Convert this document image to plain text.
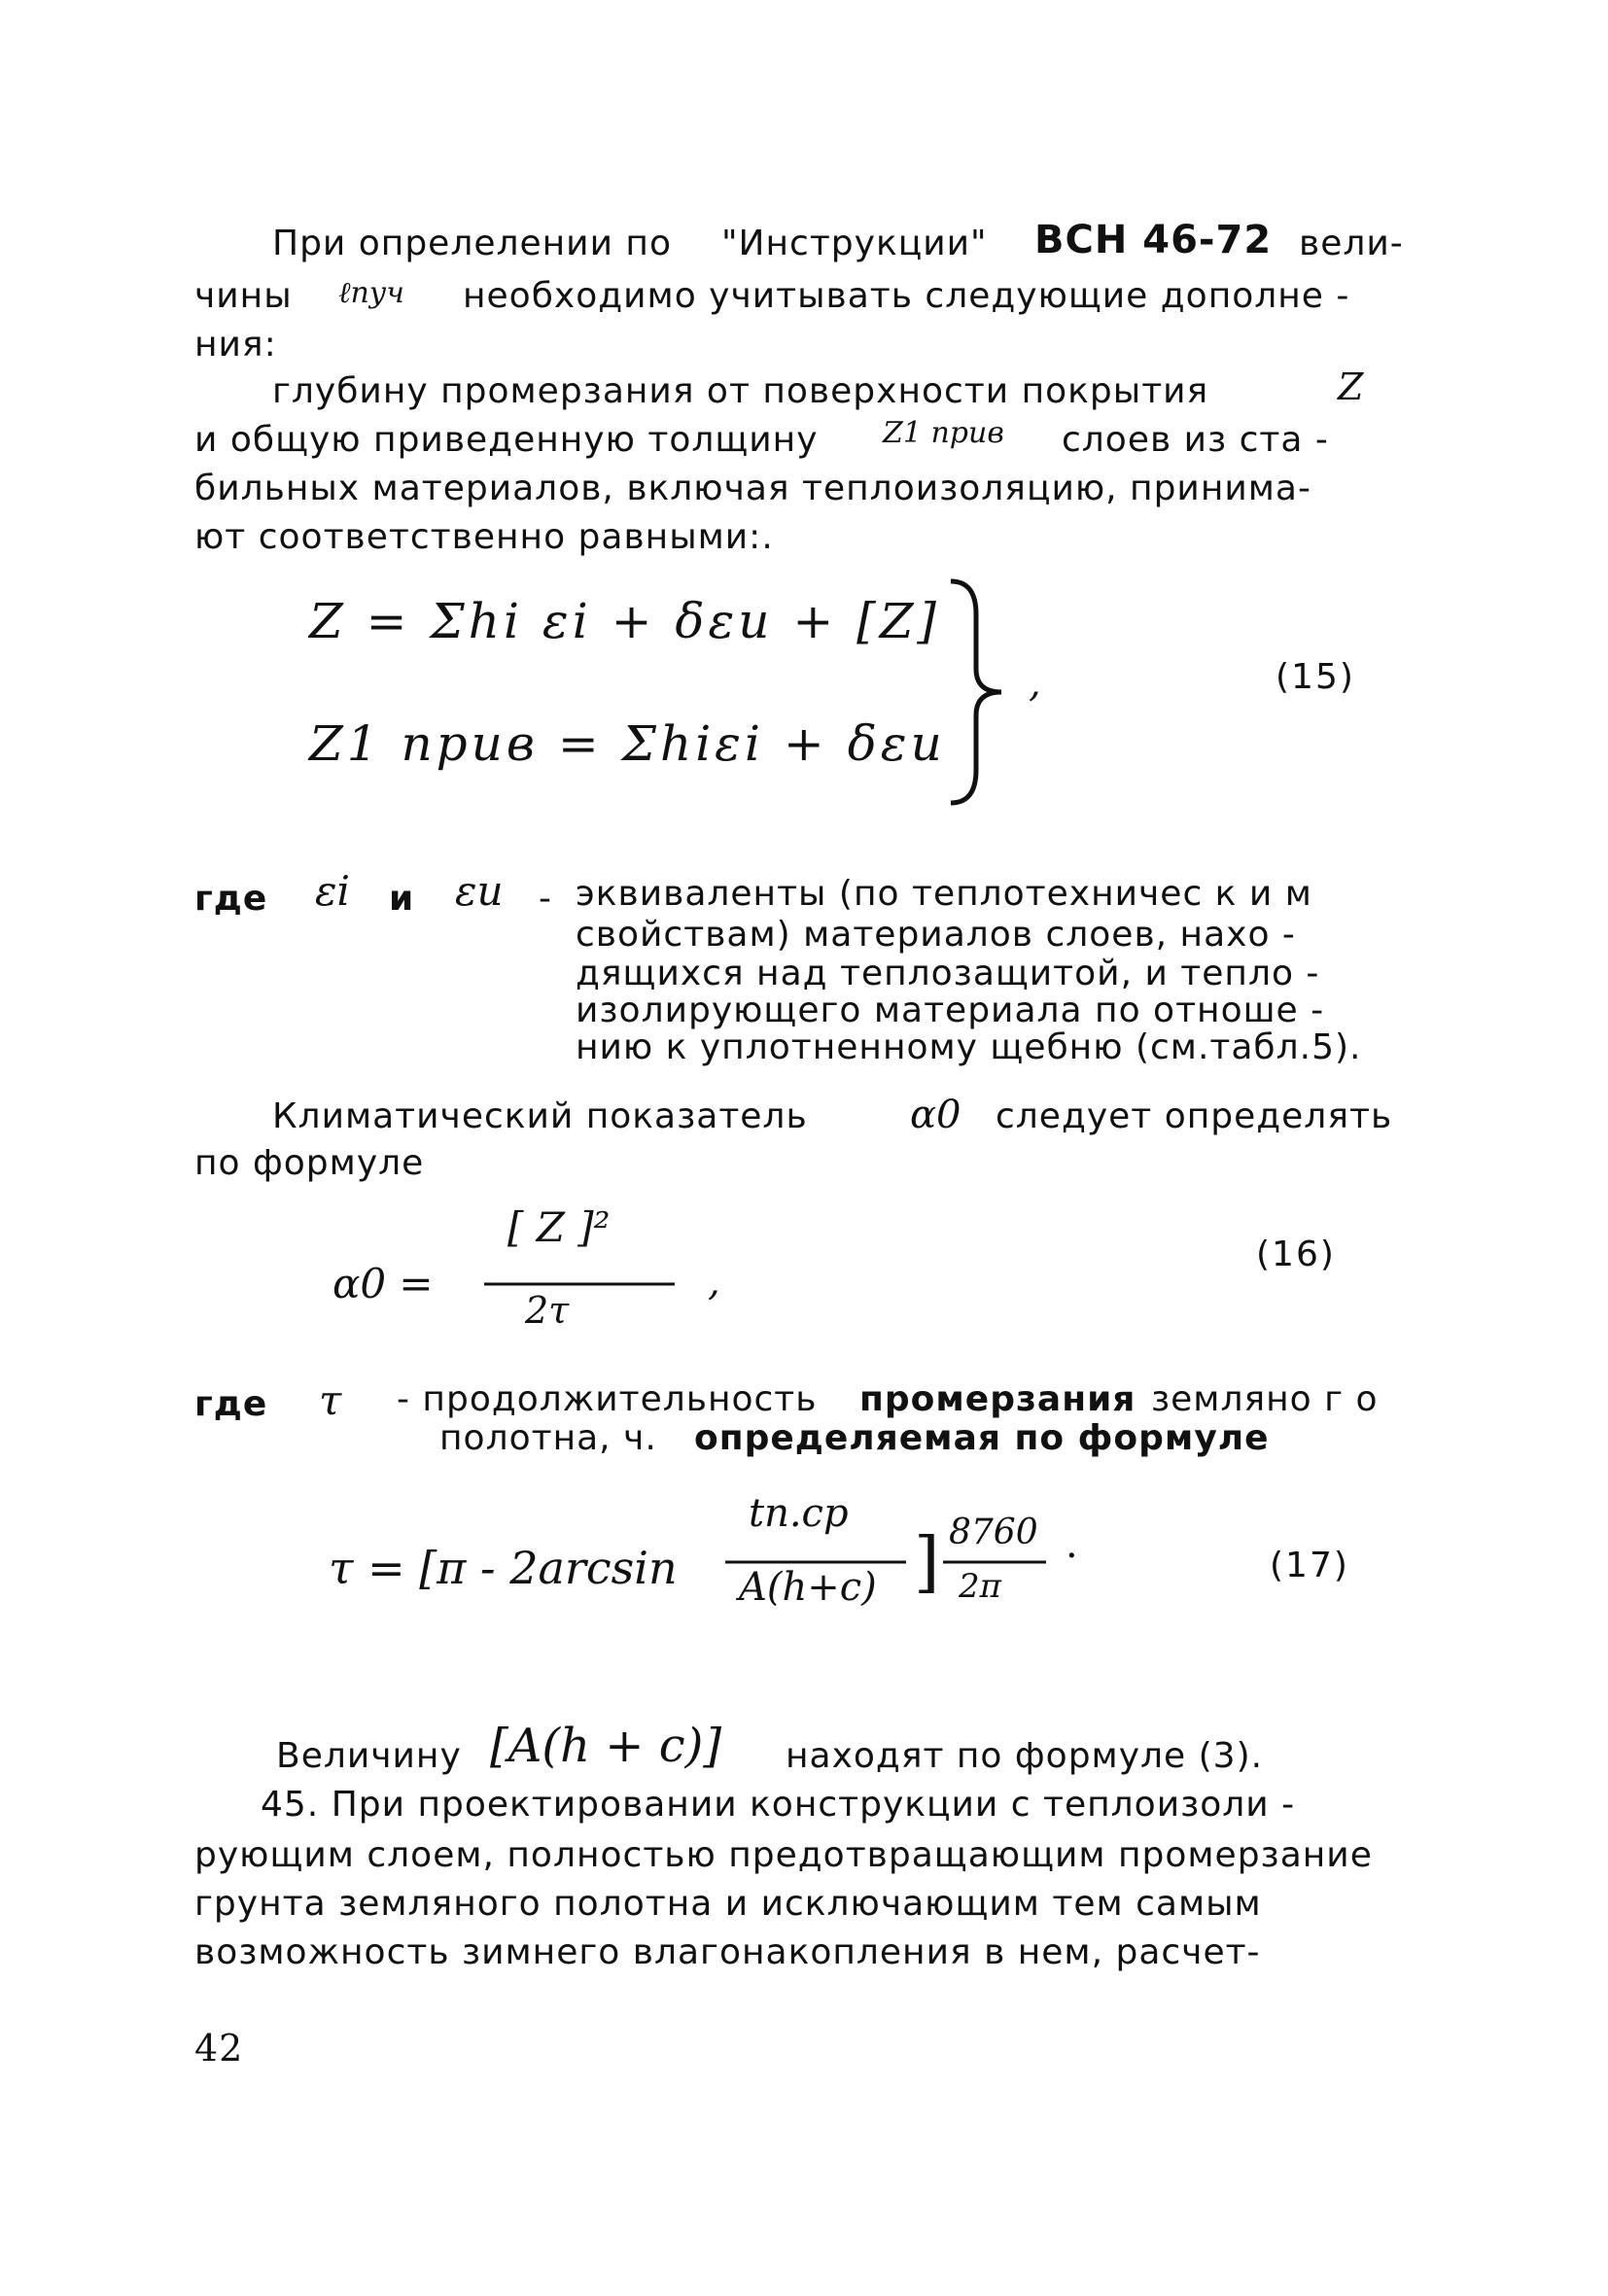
При опрелелении по "Инструкции" ВСН 46-72 вели-
чины ℓпуч необходимо учитывать следующие дополне -
ния:
глубину промерзания от поверхности покрытия	Z
и общую приведенную толщину Z1 прив слоев из ста -
бильных материалов, включая теплоизоляцию, принима-
ют соответственно равными:.
Z = Σhi εi + δεи + [Z]
Z1 прив = Σhiεi + δεи
,	(15)
где εi и εи - эквиваленты (по теплотехничес к и м
свойствам) материалов слоев, нахо -
дящихся над теплозащитой, и тепло -
изолирующего материала по отноше -
нию к уплотненному щебню (см.табл.5).
Климатический показатель	α0 следует определять
по формуле
α0 =
[ Z ]²
2τ
,
(16)
где τ - продолжительность промерзания земляно г о
полотна, ч. определяемая по формуле
τ = [π - 2arcsin
tп.ср
A(h+c) ] 8760
2π
·	(17)
Величину [A(h + c)] находят по формуле (3).
45. При проектировании конструкции с теплоизоли -
рующим слоем, полностью предотвращающим промерзание
грунта земляного полотна и исключающим тем самым
возможность зимнего влагонакопления в нем, расчет-
42
